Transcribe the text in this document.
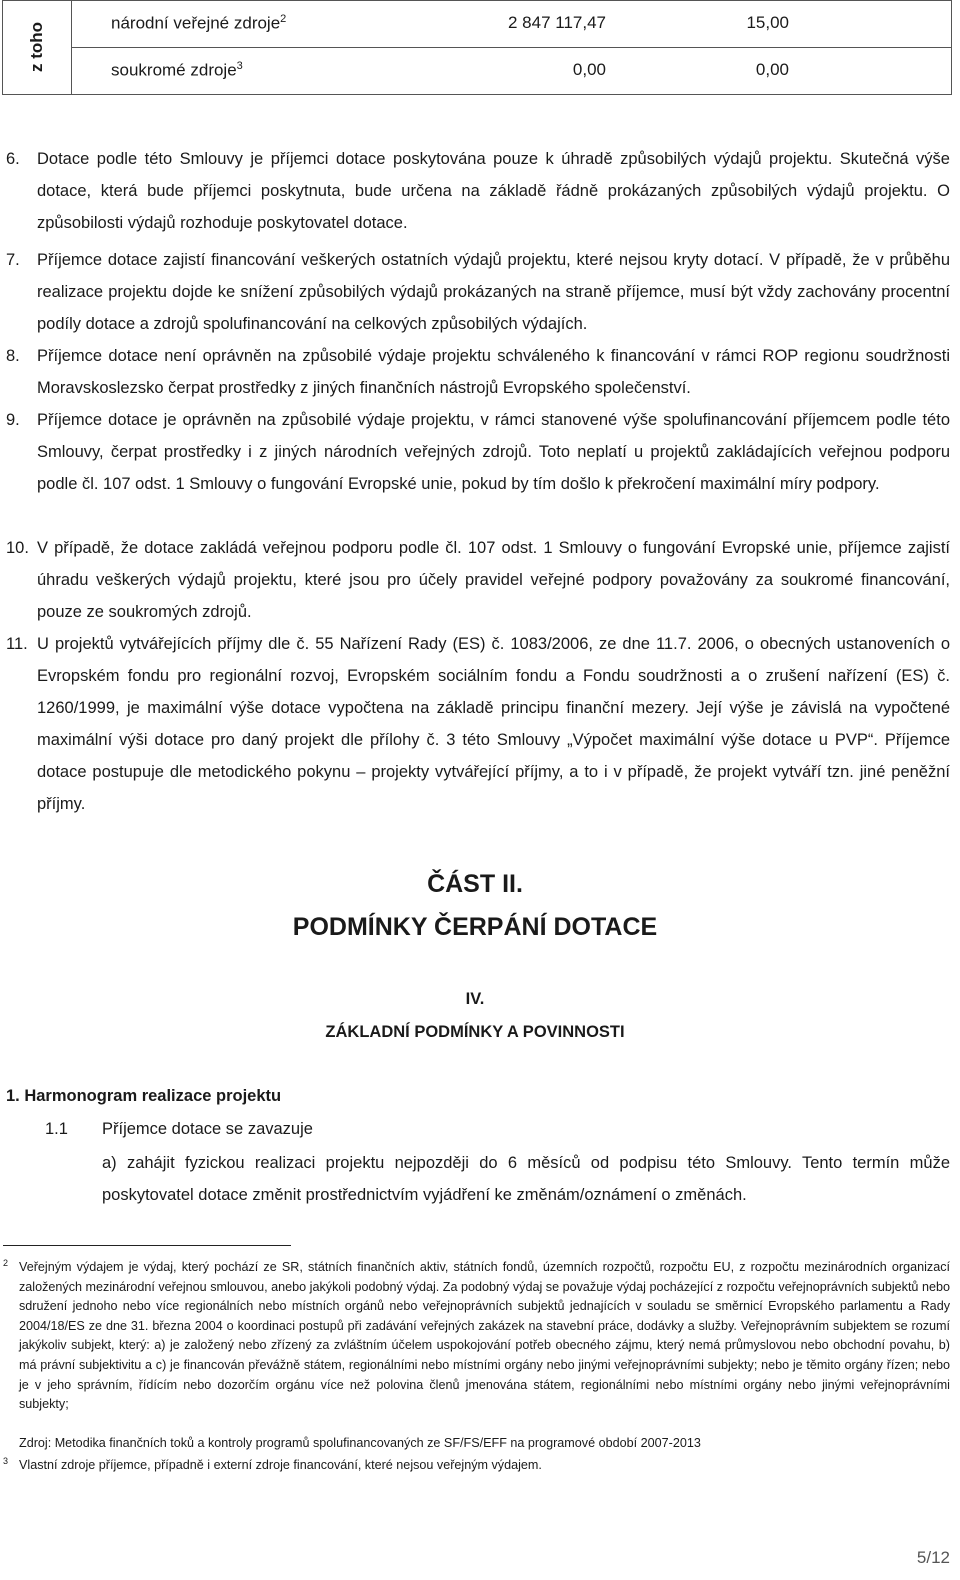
z toho	národní veřejné zdroje$^2$	2 847 117,47	15,00
soukromé zdroje$^3$	0,00	0,00
6. Dotace podle této Smlouvy je příjemci dotace poskytována pouze k úhradě způsobilých výdajů projektu. Skutečná výše dotace, která bude příjemci poskytnuta, bude určena na základě řádně prokázaných způsobilých výdajů projektu. O způsobilosti výdajů rozhoduje poskytovatel dotace.
7. Příjemce dotace zajistí financování veškerých ostatních výdajů projektu, které nejsou kryty dotací. V případě, že v průběhu realizace projektu dojde ke snížení způsobilých výdajů prokázaných na straně příjemce, musí být vždy zachovány procentní podíly dotace a zdrojů spolufinancování na celkových způsobilých výdajích.
8. Příjemce dotace není oprávněn na způsobilé výdaje projektu schváleného k financování v rámci ROP regionu soudržnosti Moravskoslezsko čerpat prostředky z jiných finančních nástrojů Evropského společenství.
9. Příjemce dotace je oprávněn na způsobilé výdaje projektu, v rámci stanovené výše spolufinancování příjemcem podle této Smlouvy, čerpat prostředky i z jiných národních veřejných zdrojů. Toto neplatí u projektů zakládajících veřejnou podporu podle čl. 107 odst. 1 Smlouvy o fungování Evropské unie, pokud by tím došlo k překročení maximální míry podpory.
10. V případě, že dotace zakládá veřejnou podporu podle čl. 107 odst. 1 Smlouvy o fungování Evropské unie, příjemce zajistí úhradu veškerých výdajů projektu, které jsou pro účely pravidel veřejné podpory považovány za soukromé financování, pouze ze soukromých zdrojů.
11. U projektů vytvářejících příjmy dle č. 55 Nařízení Rady (ES) č. 1083/2006, ze dne 11.7. 2006, o obecných ustanoveních o Evropském fondu pro regionální rozvoj, Evropském sociálním fondu a Fondu soudržnosti a o zrušení nařízení (ES) č. 1260/1999, je maximální výše dotace vypočtena na základě principu finanční mezery. Její výše je závislá na vypočtené maximální výši dotace pro daný projekt dle přílohy č. 3 této Smlouvy „Výpočet maximální výše dotace u PVP“. Příjemce dotace postupuje dle metodického pokynu – projekty vytvářející příjmy, a to i v případě, že projekt vytváří tzn. jiné peněžní příjmy.
ČÁST II.
PODMÍNKY ČERPÁNÍ DOTACE
IV.
ZÁKLADNÍ PODMÍNKY A POVINNOSTI
1. Harmonogram realizace projektu
1.1 Příjemce dotace se zavazuje
a) zahájit fyzickou realizaci projektu nejpozději do 6 měsíců od podpisu této Smlouvy. Tento termín může poskytovatel dotace změnit prostřednictvím vyjádření ke změnám/oznámení o změnách.
2 Veřejným výdajem je výdaj, který pochází ze SR, státních finančních aktiv, státních fondů, územních rozpočtů, rozpočtu EU, z rozpočtu mezinárodních organizací založených mezinárodní veřejnou smlouvou, anebo jakýkoli podobný výdaj. Za podobný výdaj se považuje výdaj pocházející z rozpočtu veřejnoprávních subjektů nebo sdružení jednoho nebo více regionálních nebo místních orgánů nebo veřejnoprávních subjektů jednajících v souladu se směrnicí Evropského parlamentu a Rady 2004/18/ES ze dne 31. března 2004 o koordinaci postupů při zadávání veřejných zakázek na stavební práce, dodávky a služby. Veřejnoprávním subjektem se rozumí jakýkoliv subjekt, který: a) je založený nebo zřízený za zvláštním účelem uspokojování potřeb obecného zájmu, který nemá průmyslovou nebo obchodní povahu, b) má právní subjektivitu a c) je financován převážně státem, regionálními nebo místními orgány nebo jinými veřejnoprávními subjekty; nebo je těmito orgány řízen; nebo je v jeho správním, řídícím nebo dozorčím orgánu více než polovina členů jmenována státem, regionálními nebo místními orgány nebo jinými veřejnoprávními subjekty;
Zdroj: Metodika finančních toků a kontroly programů spolufinancovaných ze SF/FS/EFF na programové období 2007-2013
3 Vlastní zdroje příjemce, případně i externí zdroje financování, které nejsou veřejným výdajem.
5/12
